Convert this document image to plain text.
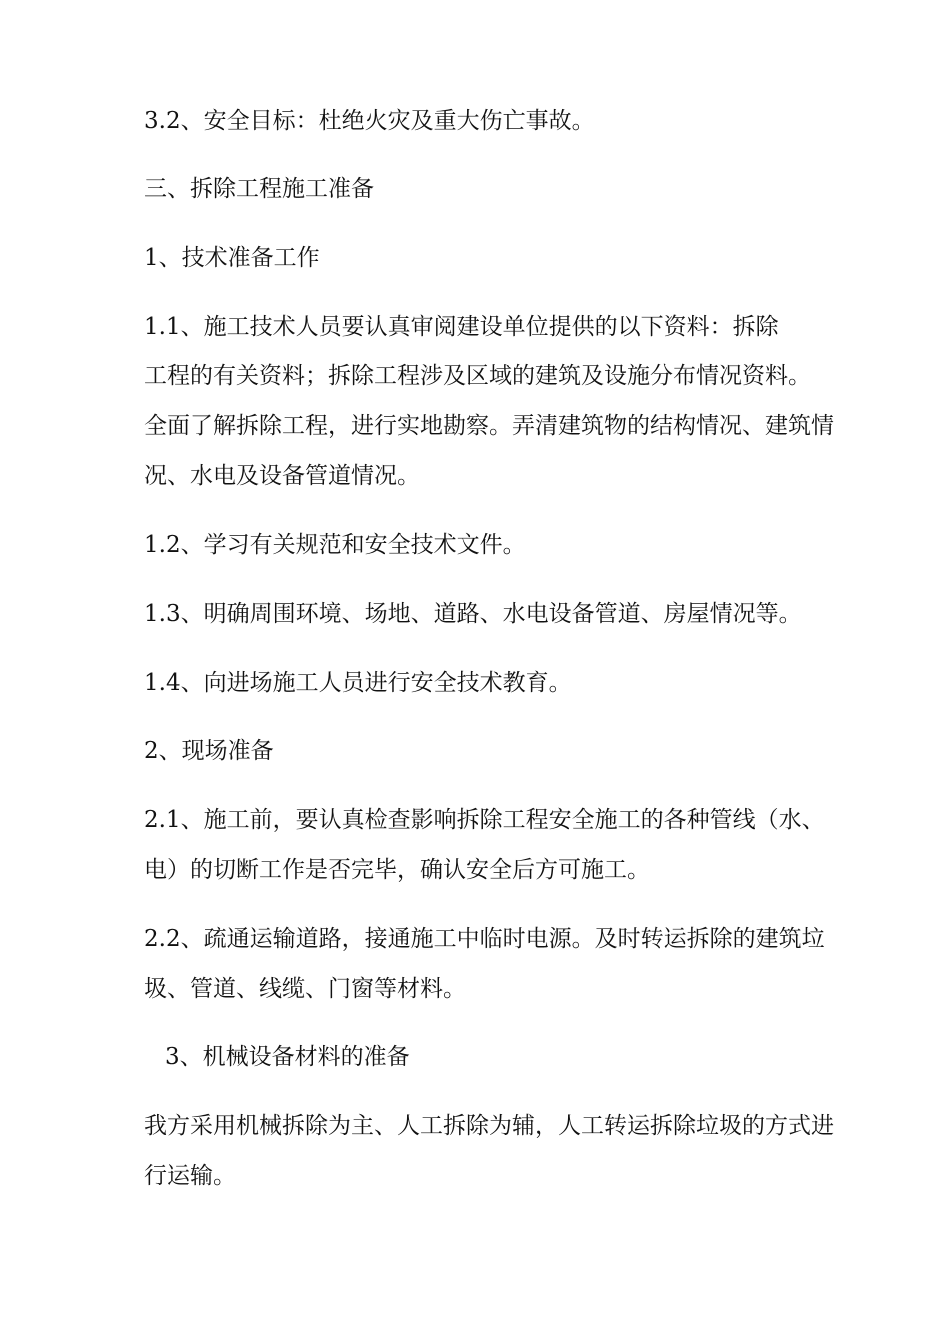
3.2、安全目标：杜绝火灾及重大伤亡事故。
三、拆除工程施工准备
1、技术准备工作
1.1、施工技术人员要认真审阅建设单位提供的以下资料：拆除
工程的有关资料；拆除工程涉及区域的建筑及设施分布情况资料。
全面了解拆除工程，进行实地勘察。弄清建筑物的结构情况、建筑情
况、水电及设备管道情况。
1.2、学习有关规范和安全技术文件。
1.3、明确周围环境、场地、道路、水电设备管道、房屋情况等。
1.4、向进场施工人员进行安全技术教育。
2、现场准备
2.1、施工前，要认真检查影响拆除工程安全施工的各种管线（水、
电）的切断工作是否完毕，确认安全后方可施工。
2.2、疏通运输道路，接通施工中临时电源。及时转运拆除的建筑垃
圾、管道、线缆、门窗等材料。
3、机械设备材料的准备
我方采用机械拆除为主、人工拆除为辅，人工转运拆除垃圾的方式进
行运输。
